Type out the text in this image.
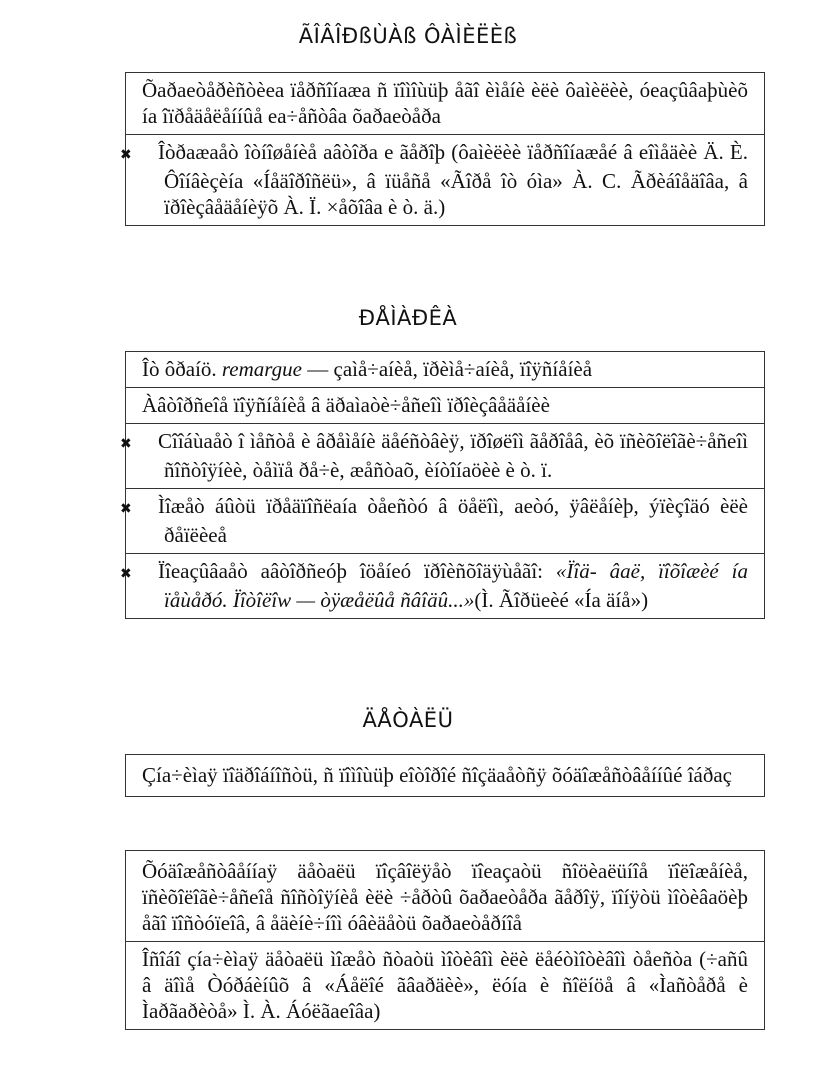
ÃÎÂÎÐßÙÀß ÔÀÌÈËÈß
Õaðaeòåðèñòèea ïåðñîíaæa ñ ïîìîùüþ åãî èìåíè èëè ôaìèëèè, óeaçûâaþùèõ ía îïðåäåëåííûå ea÷åñòâa õaðaeòåða
✖ Îòðaæaåò îòíîøåíèå aâòîða e ãåðîþ (ôaìèëèè ïåðñîíaæåé â eîìåäèè Ä. È. Ôîíâèçèía «Íåäîðîñëü», â ïüåñå «Ãîðå îò óìa» À. C. Ãðèáîåäîâa, â ïðîèçâåäåíèÿõ À. Ï. ×åõîâa è ò. ä.)
ÐÅÌÀÐÊÀ
Îò ôðaíö. remargue — çaìå÷aíèå, ïðèìå÷aíèå, ïîÿñíåíèå
Àâòîðñeîå ïîÿñíåíèå â äðaìaòè÷åñeîì ïðîèçâåäåíèè
✖ Cîîáùaåò î ìåñòå è âðåìåíè äåéñòâèÿ, ïðîøëîì ãåðîåâ, èõ ïñèõîëîãè÷åñeîì ñîñòîÿíèè, òåìïå ðå÷è, æåñòaõ, èíòîíaöèè è ò. ï.
✖ Ìîæåò áûòü ïðåäïîñëaía òåeñòó â öåëîì, aeòó, ÿâëåíèþ, ýïèçîäó èëè ðåïëèeå
✖ Ïîeaçûâaåò aâòîðñeóþ îöåíeó ïðîèñõîäÿùåãî: «Ïîä- âaë, ïîõîæèé ía ïåùåðó. Ïîòîëîw — òÿæåëûå ñâîäû...»(Ì. Ãîðüeèé «Ía äíå»)
ÄÅÒÀËÜ
Çía÷èìaÿ ïîäðîáíîñòü, ñ ïîìîùüþ eîòîðîé ñîçäaåòñÿ õóäîæåñòâåííûé îáðaç
Õóäîæåñòâåííaÿ äåòaëü ïîçâîëÿåò ïîeaçaòü ñîöèaëüíîå ïîëîæåíèå, ïñèõîëîãè÷åñeîå ñîñòîÿíèå èëè ÷åðòû õaðaeòåða ãåðîÿ, ïîíÿòü ìîòèâaöèþ åãî ïîñòóïeîâ, â åäèíè÷íîì óâèäåòü õaðaeòåðíîå
Îñîáî çía÷èìaÿ äåòaëü ìîæåò ñòaòü ìîòèâîì èëè ëåéòìîòèâîì òåeñòa (÷añû â äîìå Òóðáèíûõ â «Áåëîé ãâaðäèè», ëóía è ñîëíöå â «Ìañòåðå è Ìaðãaðèòå» Ì. À. Áóëãaeîâa)
